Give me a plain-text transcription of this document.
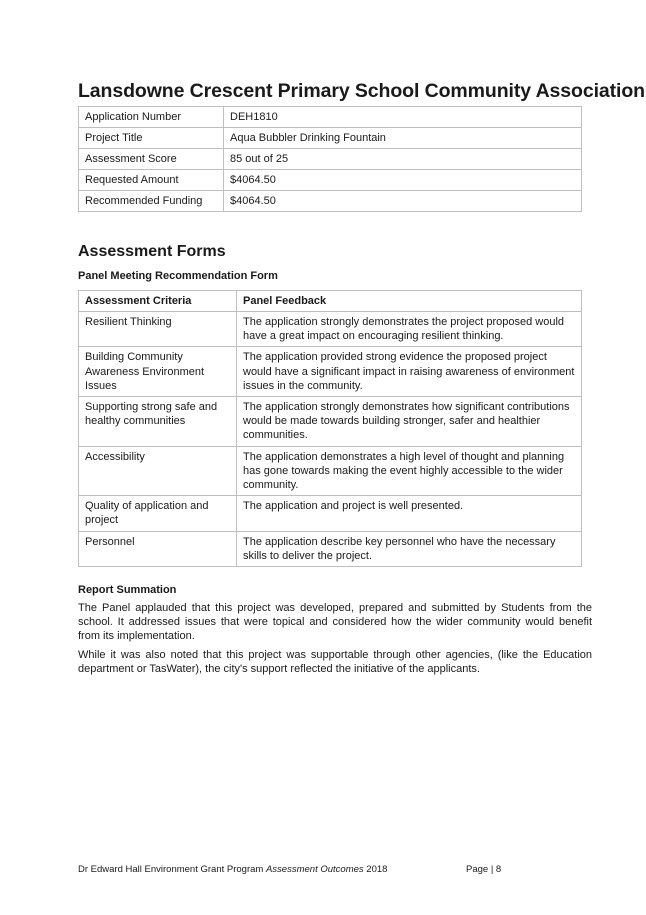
Lansdowne Crescent Primary School Community Association
Application Number	DEH1810
Project Title	Aqua Bubbler Drinking Fountain
Assessment Score	85 out of 25
Requested Amount	$4064.50
Recommended Funding	$4064.50
Assessment Forms
Panel Meeting Recommendation Form
Assessment Criteria	Panel Feedback
Resilient Thinking	The application strongly demonstrates the project proposed would have a great impact on encouraging resilient thinking.
Building Community Awareness Environment Issues	The application provided strong evidence the proposed project would have a significant impact in raising awareness of environment issues in the community.
Supporting strong safe and healthy communities	The application strongly demonstrates how significant contributions would be made towards building stronger, safer and healthier communities.
Accessibility	The application demonstrates a high level of thought and planning has gone towards making the event highly accessible to the wider community.
Quality of application and project	The application and project is well presented.
Personnel	The application describe key personnel who have the necessary skills to deliver the project.
Report Summation

The Panel applauded that this project was developed, prepared and submitted by Students from the school. It addressed issues that were topical and considered how the wider community would benefit from its implementation.

While it was also noted that this project was supportable through other agencies, (like the Education department or TasWater), the city's support reflected the initiative of the applicants.

Dr Edward Hall Environment Grant Program Assessment Outcomes 2018	Page | 8
